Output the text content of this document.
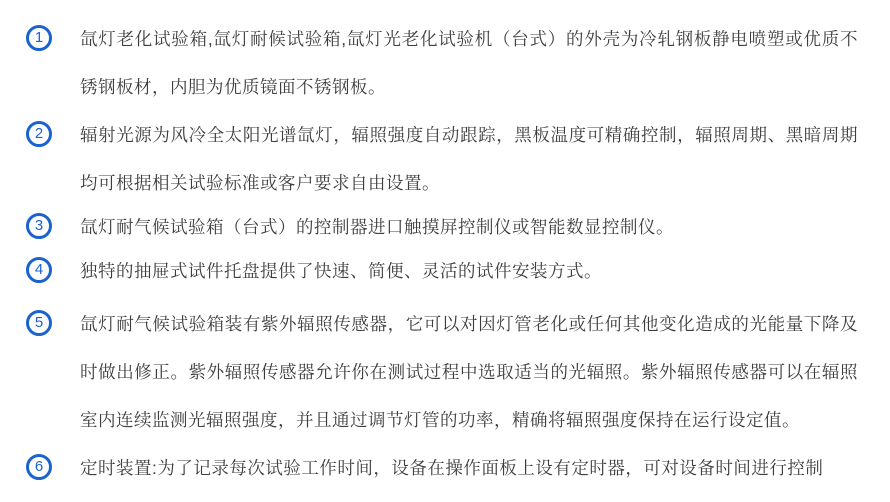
1	氙灯老化试验箱,氙灯耐候试验箱,氙灯光老化试验机（台式）的外壳为冷轧钢板静电喷塑或优质不锈钢板材，内胆为优质镜面不锈钢板。

2	辐射光源为风冷全太阳光谱氙灯，辐照强度自动跟踪，黑板温度可精确控制，辐照周期、黑暗周期均可根据相关试验标准或客户要求自由设置。

3	氙灯耐气候试验箱（台式）的控制器进口触摸屏控制仪或智能数显控制仪。

4	独特的抽屉式试件托盘提供了快速、简便、灵活的试件安装方式。

5	氙灯耐气候试验箱装有紫外辐照传感器，它可以对因灯管老化或任何其他变化造成的光能量下降及时做出修正。紫外辐照传感器允许你在测试过程中选取适当的光辐照。紫外辐照传感器可以在辐照室内连续监测光辐照强度，并且通过调节灯管的功率，精确将辐照强度保持在运行设定值。

6	定时装置:为了记录每次试验工作时间，设备在操作面板上设有定时器，可对设备时间进行控制
